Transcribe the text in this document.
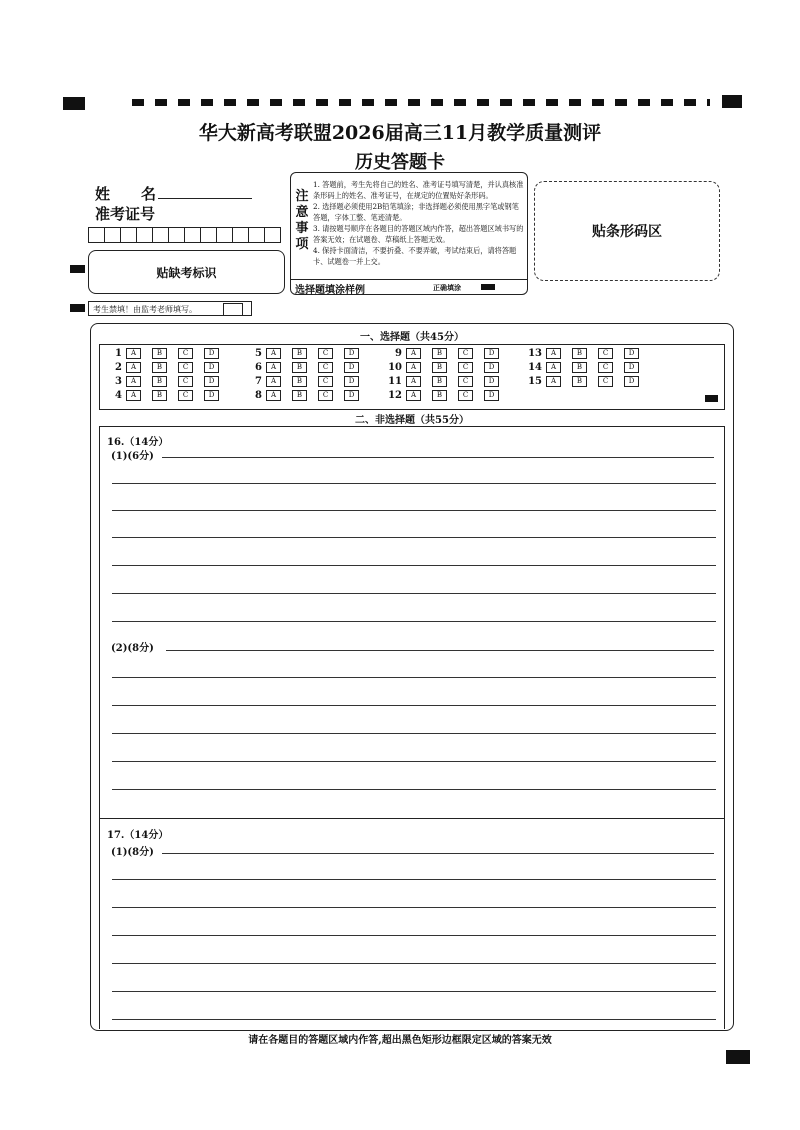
华大新高考联盟2026届高三11月教学质量测评
历史答题卡
姓　名
准考证号
贴缺考标识
考生禁填！由监考老师填写。
注意事项
1. 答题前，考生先将自己的姓名、准考证号填写清楚，并认真核准条形码上的姓名、准考证号，在规定的位置贴好条形码。
2. 选择题必须使用2B铅笔填涂；非选择题必须使用黑字笔或钢笔答题，字体工整、笔迹清楚。
3. 请按题号顺序在各题目的答题区域内作答，超出答题区域书写的答案无效；在试题卷、草稿纸上答题无效。
4. 保持卡面清洁，不要折叠、不要弄破，考试结束后，请将答题卡、试题卷一并上交。
选择题填涂样例	正确填涂
贴条形码区
一、选择题（共45分）
1	A	B	C	D
2	A	B	C	D
3	A	B	C	D
4	A	B	C	D
5	A	B	C	D
6	A	B	C	D
7	A	B	C	D
8	A	B	C	D
9	A	B	C	D
10	A	B	C	D
11	A	B	C	D
12	A	B	C	D
13	A	B	C	D
14	A	B	C	D
15	A	B	C	D
二、非选择题（共55分）
16.（14分）
(1)(6分)
(2)(8分)
17.（14分）
(1)(8分)
请在各题目的答题区域内作答,超出黑色矩形边框限定区域的答案无效
